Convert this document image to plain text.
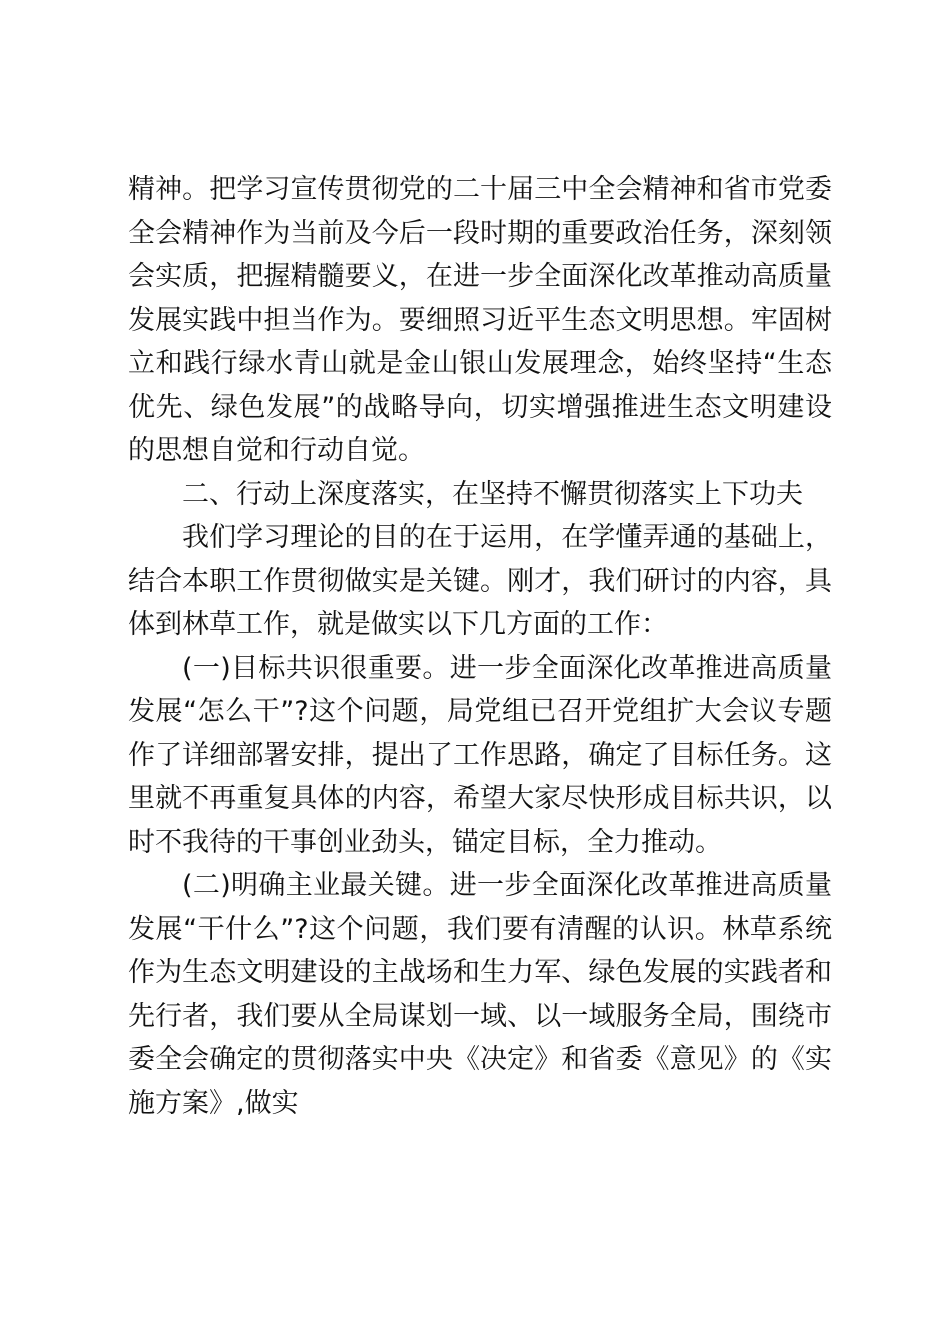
精神。把学习宣传贯彻党的二十届三中全会精神和省市党委全会精神作为当前及今后一段时期的重要政治任务，深刻领会实质，把握精髓要义，在进一步全面深化改革推动高质量发展实践中担当作为。要细照习近平生态文明思想。牢固树立和践行绿水青山就是金山银山发展理念，始终坚持“生态优先、绿色发展”的战略导向，切实增强推进生态文明建设的思想自觉和行动自觉。

二、行动上深度落实，在坚持不懈贯彻落实上下功夫

我们学习理论的目的在于运用，在学懂弄通的基础上，结合本职工作贯彻做实是关键。刚才，我们研讨的内容，具体到林草工作，就是做实以下几方面的工作：

(一)目标共识很重要。进一步全面深化改革推进高质量发展“怎么干”?这个问题，局党组已召开党组扩大会议专题作了详细部署安排，提出了工作思路，确定了目标任务。这里就不再重复具体的内容，希望大家尽快形成目标共识，以时不我待的干事创业劲头，锚定目标，全力推动。

(二)明确主业最关键。进一步全面深化改革推进高质量发展“干什么”?这个问题，我们要有清醒的认识。林草系统作为生态文明建设的主战场和生力军、绿色发展的实践者和先行者，我们要从全局谋划一域、以一域服务全局，围绕市委全会确定的贯彻落实中央《决定》和省委《意见》的《实施方案》,做实
